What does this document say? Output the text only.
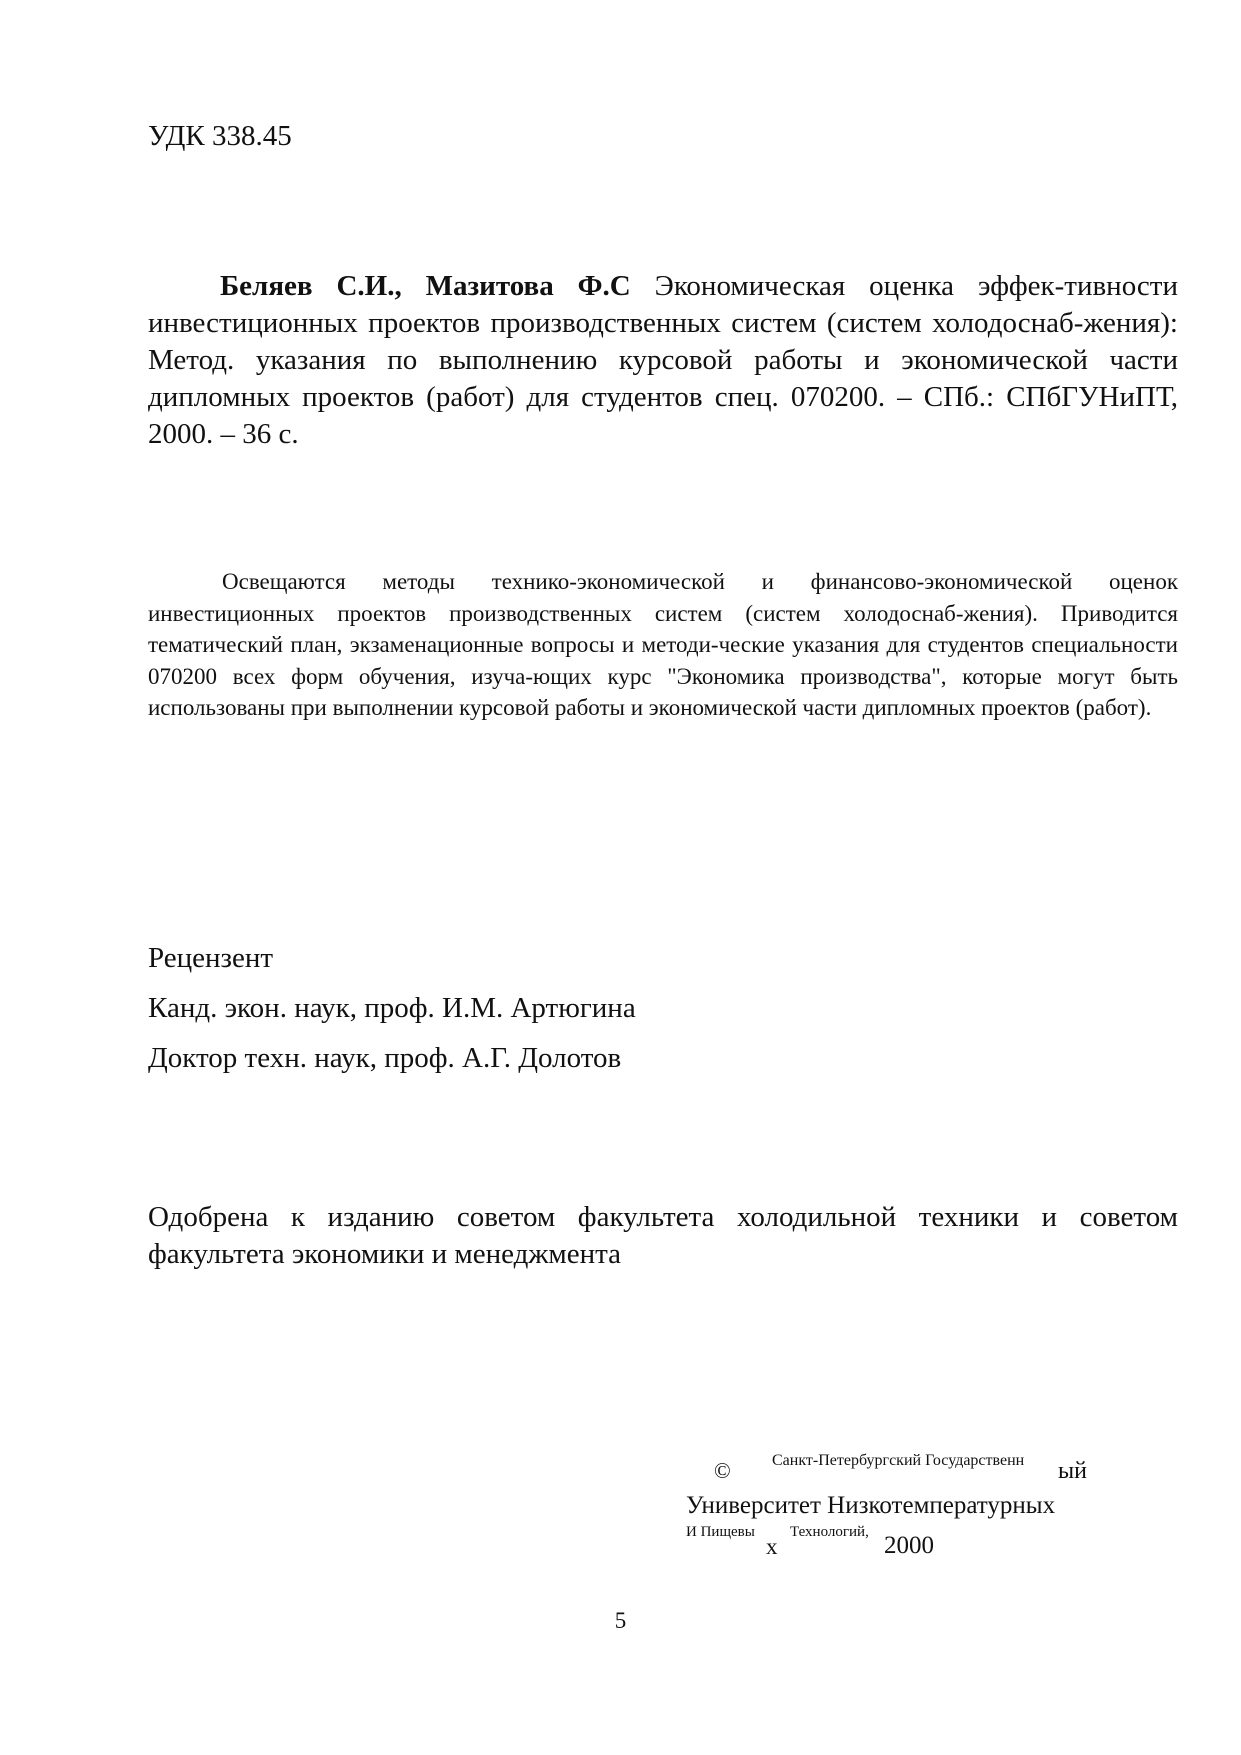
УДК 338.45
Беляев С.И., Мазитова Ф.С Экономическая оценка эффек-тивности инвестиционных проектов производственных систем (систем холодоснаб-жения): Метод. указания по выполнению курсовой работы и экономической части дипломных проектов (работ) для студентов спец. 070200. – СПб.: СПбГУНиПТ, 2000. – 36 с.
Освещаются методы технико-экономической и финансово-экономической оценок инвестиционных проектов производственных систем (систем холодоснаб-жения). Приводится тематический план, экзаменационные вопросы и методи-ческие указания для студентов специальности 070200 всех форм обучения, изуча-ющих курс "Экономика производства", которые могут быть использованы при выполнении курсовой работы и экономической части дипломных проектов (работ).
Рецензент
Канд. экон. наук, проф. И.М. Артюгина
Доктор техн. наук, проф. А.Г. Долотов
Одобрена к изданию советом факультета холодильной техники и советом факультета экономики и менеджмента
©	Санкт-Петербургский Государственн ый
Университет Низкотемпературных
И Пищевы
х
Технологий, 2000
5
